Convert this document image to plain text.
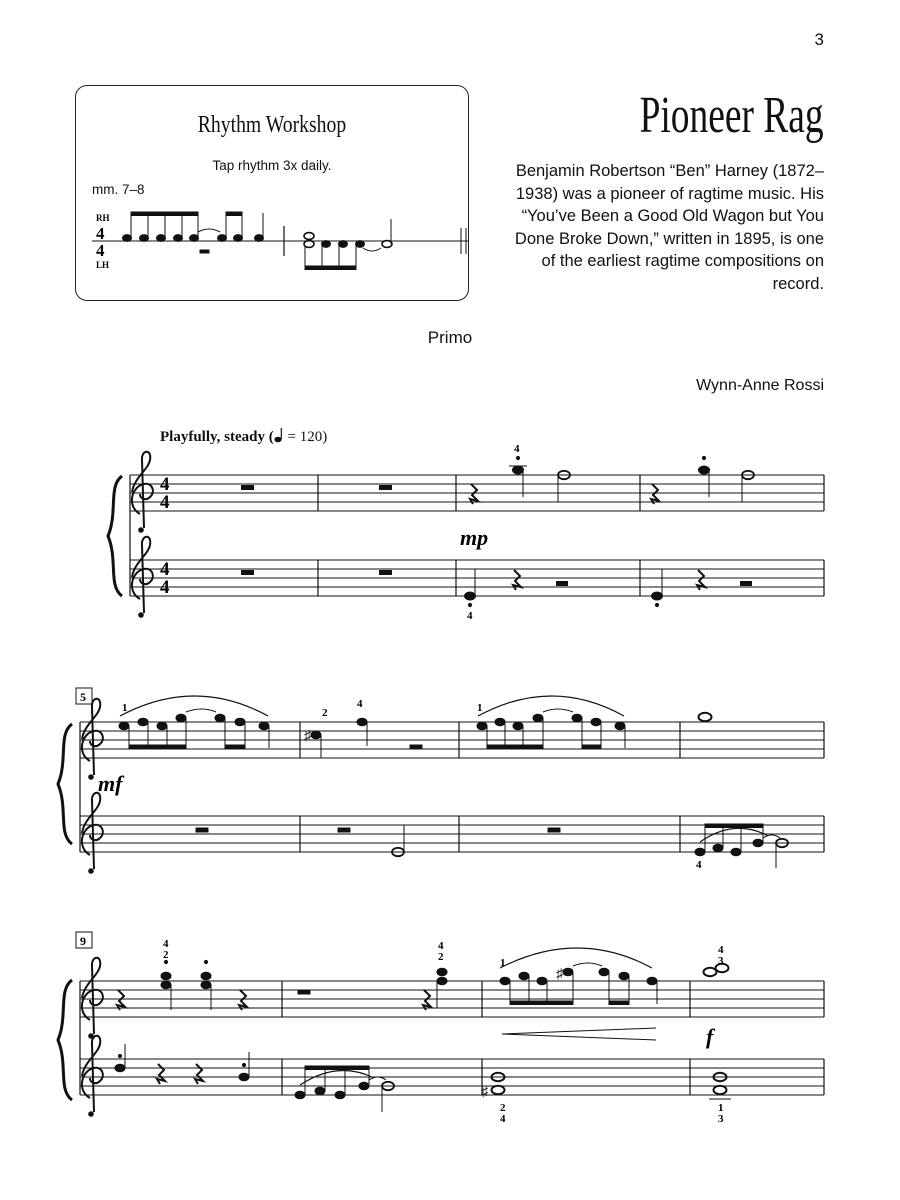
3
Rhythm Workshop
Tap rhythm 3x daily.
mm. 7–8
RH
LH
4
4
Pioneer Rag
Benjamin Robertson “Ben” Harney (1872–1938) was a pioneer of ragtime music. His “You’ve Been a Good Old Wagon but You Done Broke Down,” written in 1895, is one of the earliest ragtime compositions on record.
Primo
Wynn-Anne Rossi
Playfully, steady ( = 120)
4
4
4
4
4
4
mp
5
♯
1	2
4	1
4
mf
9
♯
♯
4
2
4
2	1
4
3
2
4
1
3
f
